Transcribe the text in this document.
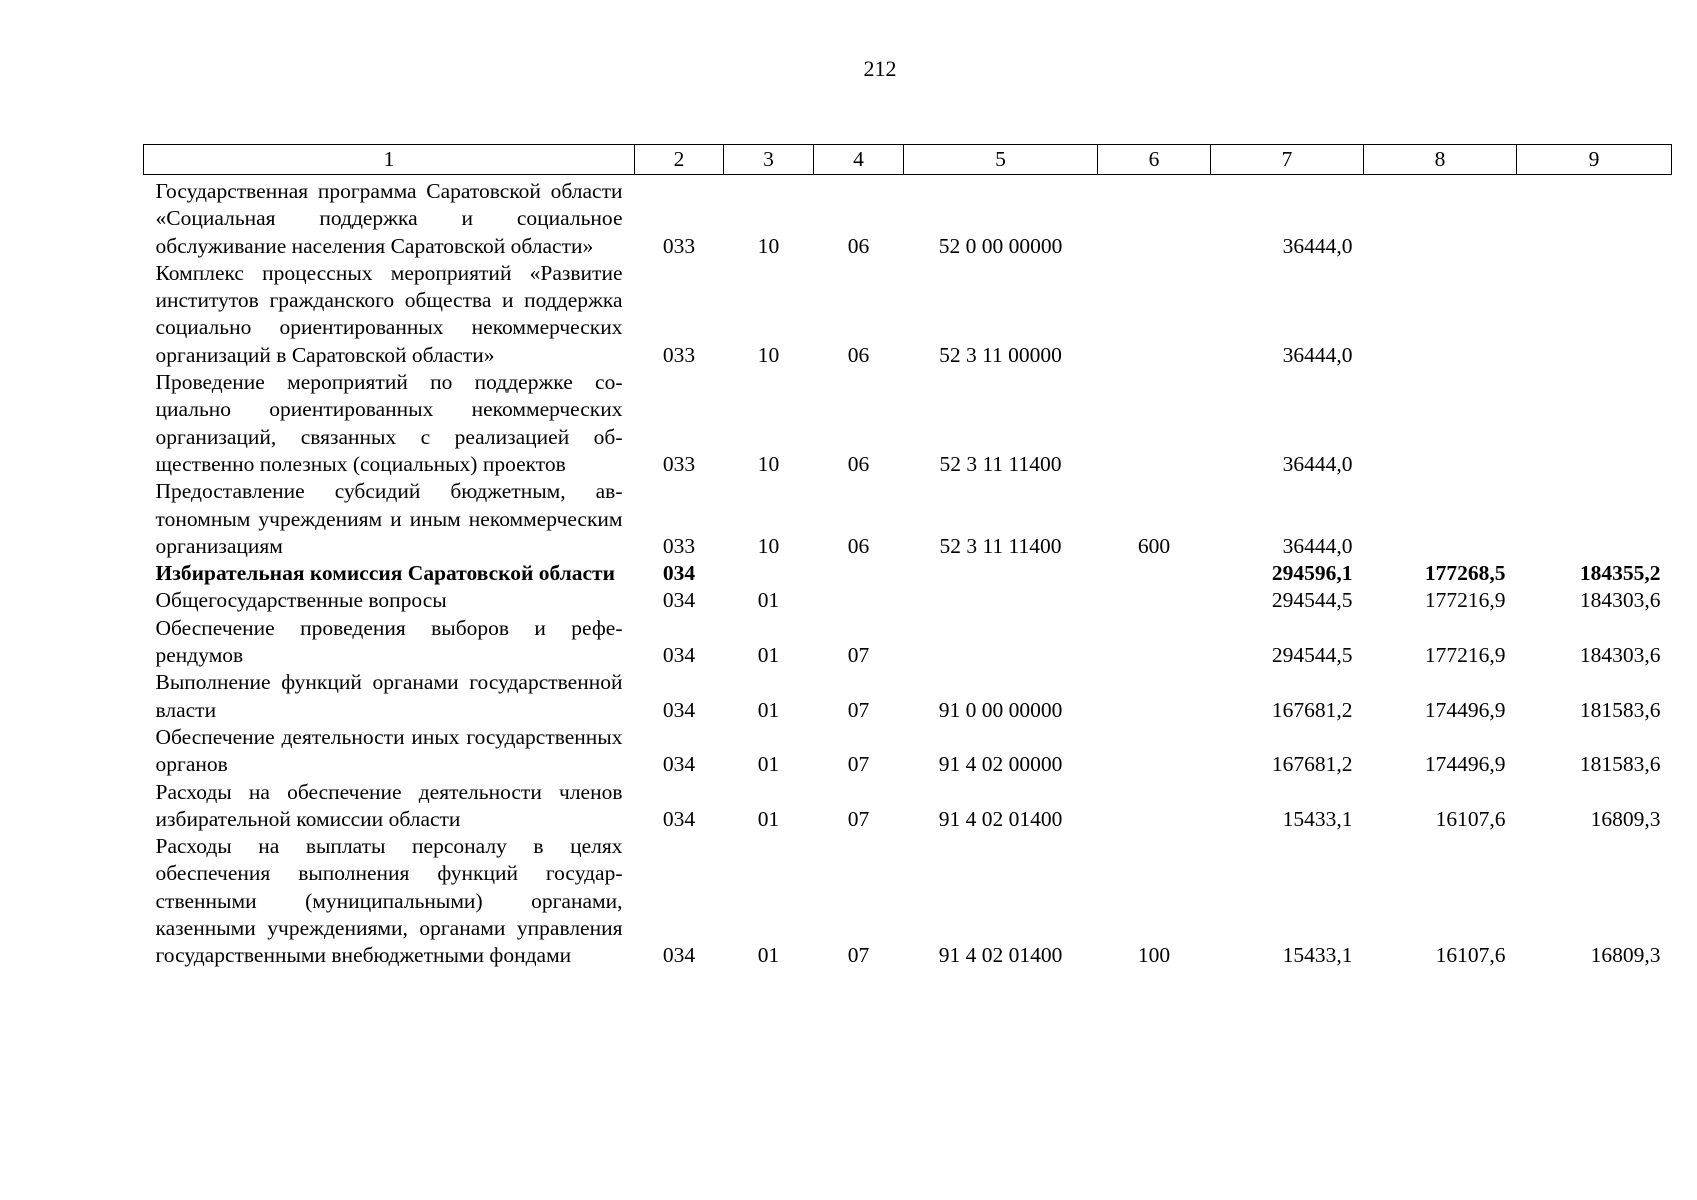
212
1	2	3	4	5	6	7	8	9
Государственная программа Саратовской области «Социальная поддержка и социальное обслуживание населения Саратовской области»	033	10	06	52 0 00 00000		36444,0		
Комплекс процессных мероприятий «Развитие институтов гражданского общества и поддержка социально ориентированных некоммерческих организаций в Саратовской области»	033	10	06	52 3 11 00000		36444,0		
Проведение мероприятий по поддержке социально ориентированных некоммерческих организаций, связанных с реализацией общественно полезных (социальных) проектов	033	10	06	52 3 11 11400		36444,0		
Предоставление субсидий бюджетным, автономным учреждениям и иным некоммерческим организациям	033	10	06	52 3 11 11400	600	36444,0		
Избирательная комиссия Саратовской области	034					294596,1	177268,5	184355,2
Общегосударственные вопросы	034	01				294544,5	177216,9	184303,6
Обеспечение проведения выборов и референдумов	034	01	07			294544,5	177216,9	184303,6
Выполнение функций органами государственной власти	034	01	07	91 0 00 00000		167681,2	174496,9	181583,6
Обеспечение деятельности иных государственных органов	034	01	07	91 4 02 00000		167681,2	174496,9	181583,6
Расходы на обеспечение деятельности членов избирательной комиссии области	034	01	07	91 4 02 01400		15433,1	16107,6	16809,3
Расходы на выплаты персоналу в целях обеспечения выполнения функций государственными (муниципальными) органами, казенными учреждениями, органами управления государственными внебюджетными фондами	034	01	07	91 4 02 01400	100	15433,1	16107,6	16809,3
